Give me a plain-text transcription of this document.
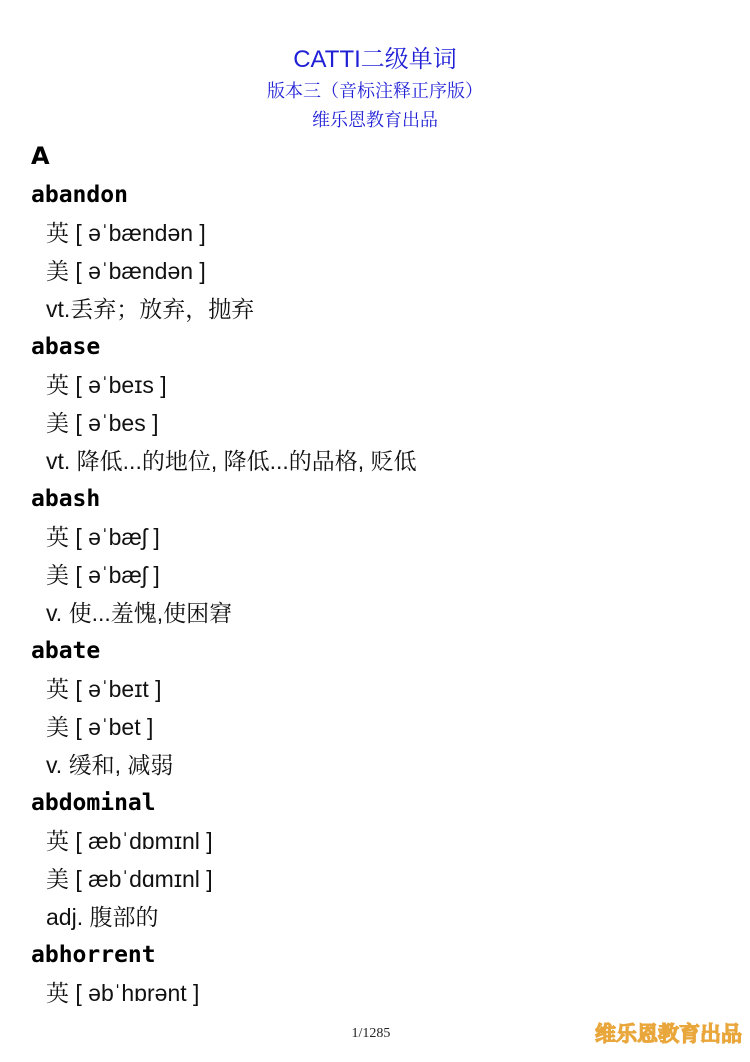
CATTI二级单词
版本三（音标注释正序版）
维乐恩教育出品
A
abandon
英 [ əˈbændən ]
美 [ əˈbændən ]
vt.丢弃；放弃，抛弃
abase
英 [ əˈbeɪs ]
美 [ əˈbes ]
vt. 降低...的地位, 降低...的品格, 贬低
abash
英 [ əˈbæʃ ]
美 [ əˈbæʃ ]
v. 使...羞愧,使困窘
abate
英 [ əˈbeɪt ]
美 [ əˈbet ]
v. 缓和, 减弱
abdominal
英 [ æbˈdɒmɪnl ]
美 [ æbˈdɑmɪnl ]
adj. 腹部的
abhorrent
英 [ əbˈhɒrənt ]
1/1285	维乐恩教育出品
